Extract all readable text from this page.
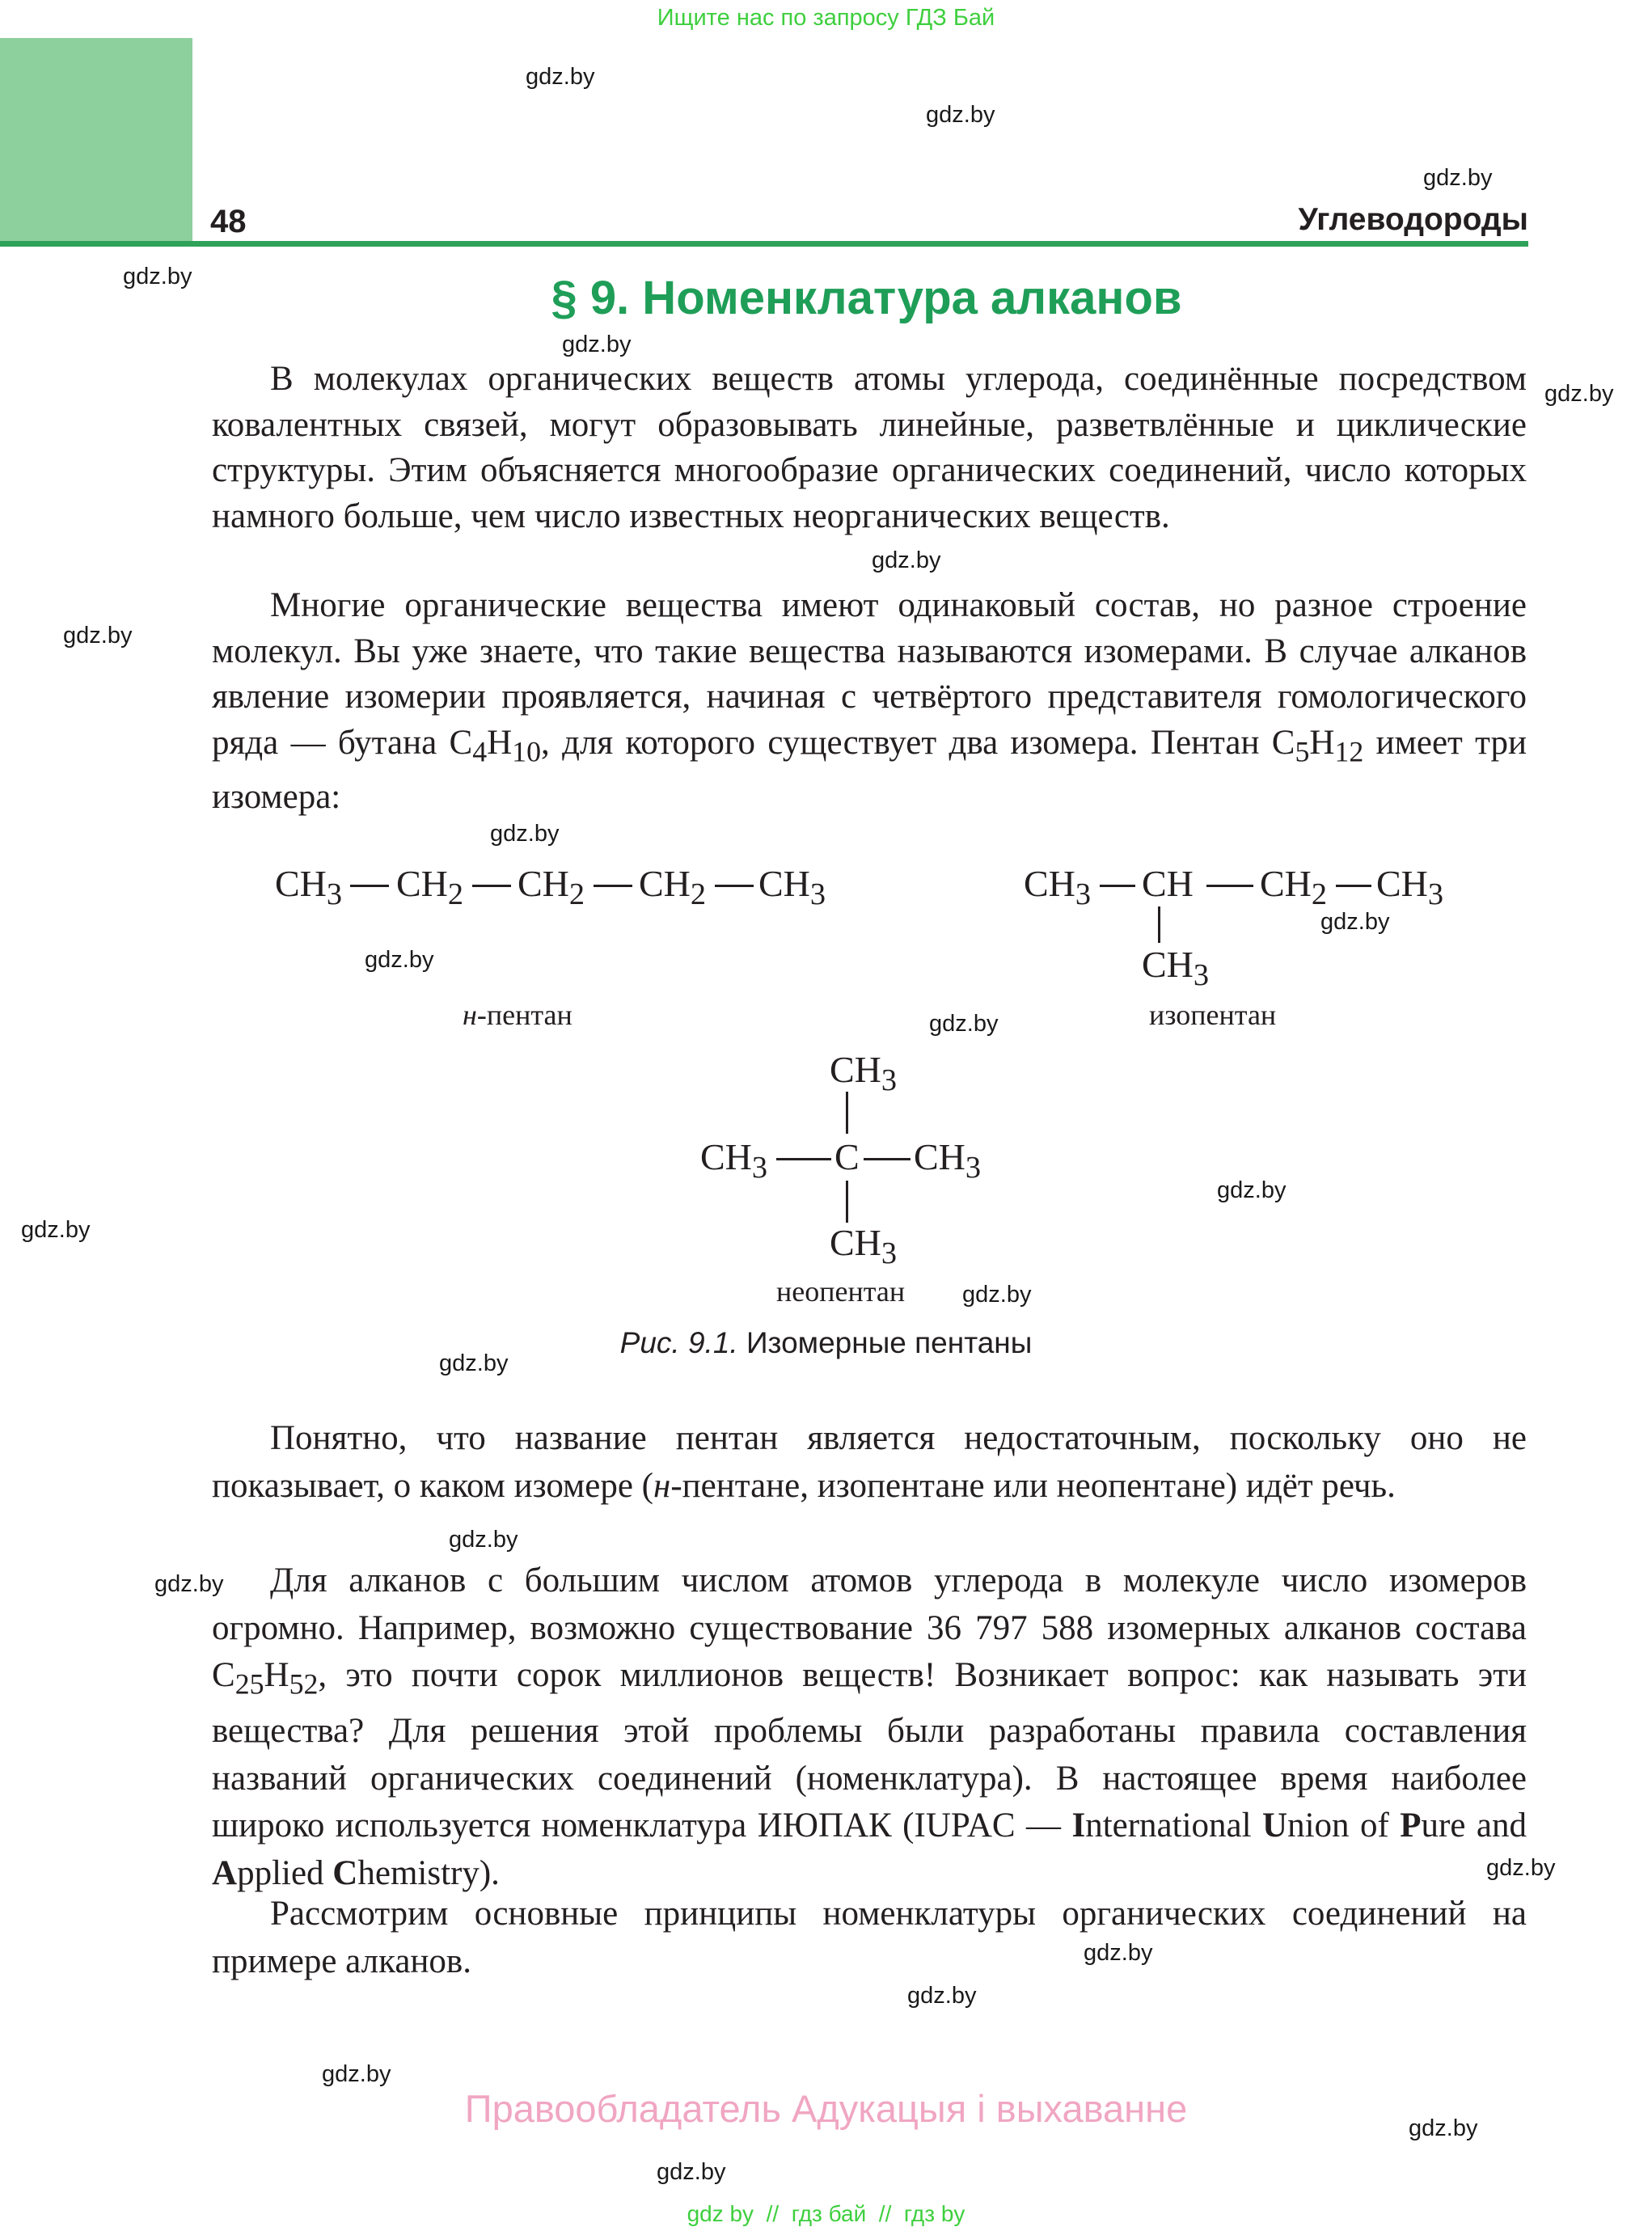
Ищите нас по запросу ГДЗ Бай
48	Углеводороды
gdz.by
gdz.by
gdz.by
gdz.by
gdz.by
gdz.by
gdz.by
gdz.by
gdz.by
gdz.by
gdz.by
gdz.by
gdz.by
gdz.by
gdz.by
gdz.by
gdz.by
gdz.by
gdz.by
gdz.by
gdz.by
gdz.by
gdz.by
gdz.by
§ 9. Номенклатура алканов

В молекулах органических веществ атомы углерода, соединённые посредством ковалентных связей, могут образовывать линейные, разветвлённые и циклические структуры. Этим объясняется многообразие органических соединений, число которых намного больше, чем число известных неорганических веществ.

Многие органические вещества имеют одинаковый состав, но разное строение молекул. Вы уже знаете, что такие вещества называются изомерами. В случае алканов явление изомерии проявляется, начиная с четвёртого представителя гомологического ряда — бутана $C_4H_{10}$, для которого существует два изомера. Пентан $C_5H_{12}$ имеет три изомера:

$CH_3$ $CH_2$ $CH_2$ $CH_2$ $CH_3$
н-пентан
$CH_3$ CH $CH_2$ $CH_3$
$CH_3$
изопентан
$CH_3$
$CH_3$ C $CH_3$
$CH_3$
неопентан
Рис. 9.1. Изомерные пентаны

Понятно, что название пентан является недостаточным, поскольку оно не показывает, о каком изомере (н-пентане, изопентане или неопентане) идёт речь.

Для алканов с большим числом атомов углерода в молекуле число изомеров огромно. Например, возможно существование 36 797 588 изомерных алканов состава $C_{25}H_{52}$, это почти сорок миллионов веществ! Возникает вопрос: как называть эти вещества? Для решения этой проблемы были разработаны правила составления названий органических соединений (номенклатура). В настоящее время наиболее широко используется номенклатура ИЮПАК (IUPAC — International Union of Pure and Applied Chemistry).

Рассмотрим основные принципы номенклатуры органических соединений на примере алканов.

Правообладатель Адукацыя і выхаванне
gdz by  //  гдз бай  //  гдз by
